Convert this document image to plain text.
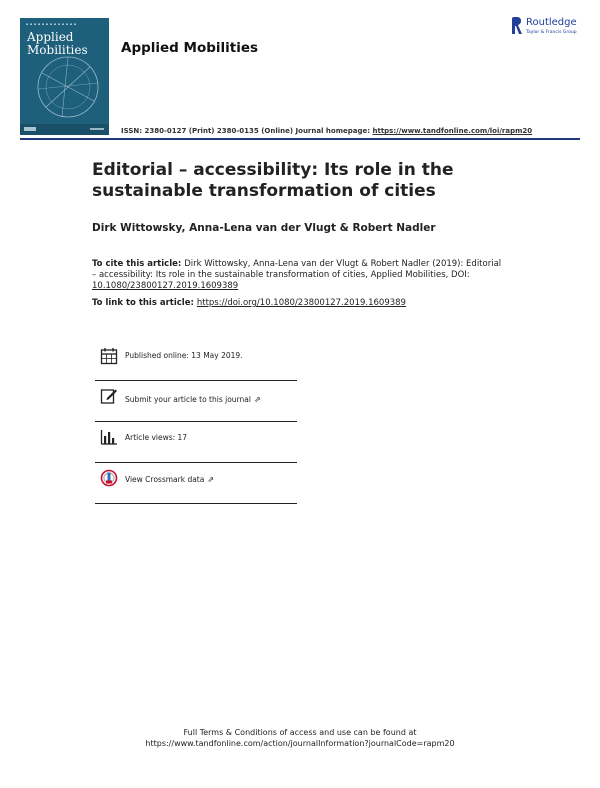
▪ ▪ ▪ ▪ ▪ ▪ ▪ ▪ ▪ ▪ ▪ ▪ ▪
Applied
Mobilities Applied Mobilities
Routledge
Taylor & Francis Group
ISSN: 2380-0127 (Print) 2380-0135 (Online) Journal homepage: https://www.tandfonline.com/loi/rapm20
Editorial – accessibility: Its role in the sustainable transformation of cities
Dirk Wittowsky, Anna-Lena van der Vlugt & Robert Nadler
To cite this article: Dirk Wittowsky, Anna-Lena van der Vlugt & Robert Nadler (2019): Editorial – accessibility: Its role in the sustainable transformation of cities, Applied Mobilities, DOI: 10.1080/23800127.2019.1609389
To link to this article: https://doi.org/10.1080/23800127.2019.1609389
Published online: 13 May 2019.
Submit your article to this journal ⇗
Article views: 17
View Crossmark data ⇗
Full Terms & Conditions of access and use can be found at
https://www.tandfonline.com/action/journalInformation?journalCode=rapm20
